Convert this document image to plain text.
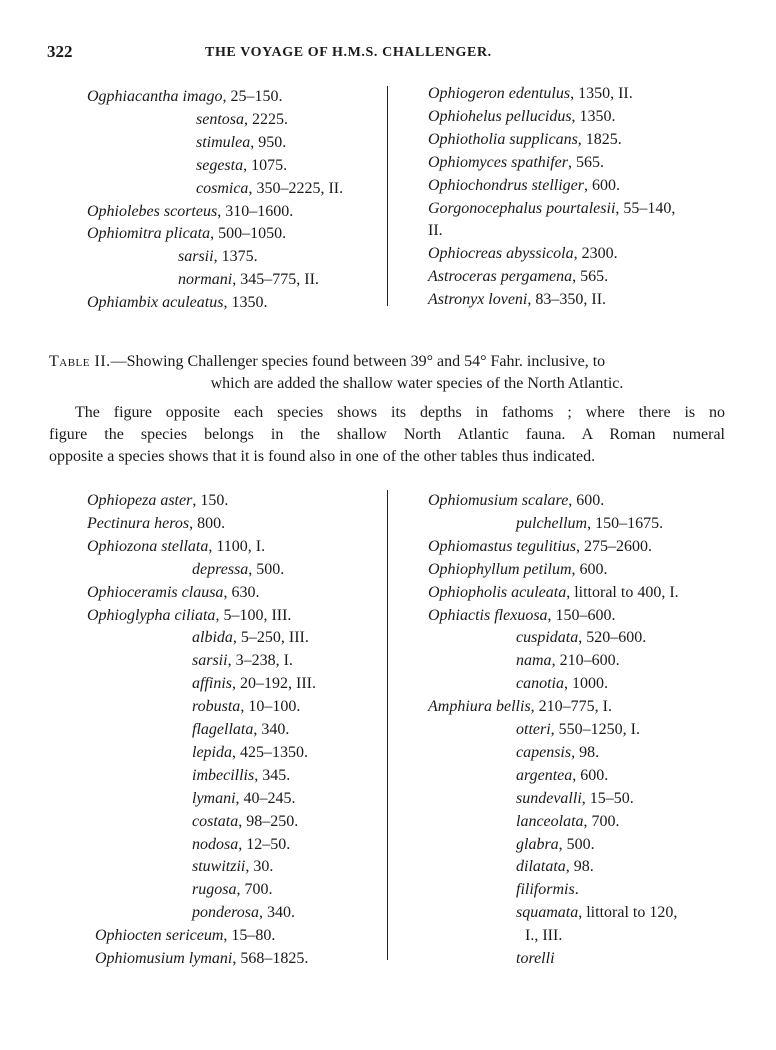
322	THE VOYAGE OF H.M.S. CHALLENGER.
Ogphiacantha imago, 25–150.
sentosa, 2225.
stimulea, 950.
segesta, 1075.
cosmica, 350–2225, II.
Ophiolebes scorteus, 310–1600.
Ophiomitra plicata, 500–1050.
sarsii, 1375.
normani, 345–775, II.
Ophiambix aculeatus, 1350.
Ophiogeron edentulus, 1350, II.
Ophiohelus pellucidus, 1350.
Ophiotholia supplicans, 1825.
Ophiomyces spathifer, 565.
Ophiochondrus stelliger, 600.
Gorgonocephalus pourtalesii, 55–140,
II.
Ophiocreas abyssicola, 2300.
Astroceras pergamena, 565.
Astronyx loveni, 83–350, II.
Table II.—Showing Challenger species found between 39° and 54° Fahr. inclusive, to
which are added the shallow water species of the North Atlantic.
The figure opposite each species shows its depths in fathoms ; where there is no
figure the species belongs in the shallow North Atlantic fauna. A Roman numeral
opposite a species shows that it is found also in one of the other tables thus indicated.
Ophiopeza aster, 150.
Pectinura heros, 800.
Ophiozona stellata, 1100, I.
depressa, 500.
Ophioceramis clausa, 630.
Ophioglypha ciliata, 5–100, III.
albida, 5–250, III.
sarsii, 3–238, I.
affinis, 20–192, III.
robusta, 10–100.
flagellata, 340.
lepida, 425–1350.
imbecillis, 345.
lymani, 40–245.
costata, 98–250.
nodosa, 12–50.
stuwitzii, 30.
rugosa, 700.
ponderosa, 340.
Ophiocten sericeum, 15–80.
Ophiomusium lymani, 568–1825.
Ophiomusium scalare, 600.
pulchellum, 150–1675.
Ophiomastus tegulitius, 275–2600.
Ophiophyllum petilum, 600.
Ophiopholis aculeata, littoral to 400, I.
Ophiactis flexuosa, 150–600.
cuspidata, 520–600.
nama, 210–600.
canotia, 1000.
Amphiura bellis, 210–775, I.
otteri, 550–1250, I.
capensis, 98.
argentea, 600.
sundevalli, 15–50.
lanceolata, 700.
glabra, 500.
dilatata, 98.
filiformis.
squamata, littoral to 120,
I., III.
torelli
